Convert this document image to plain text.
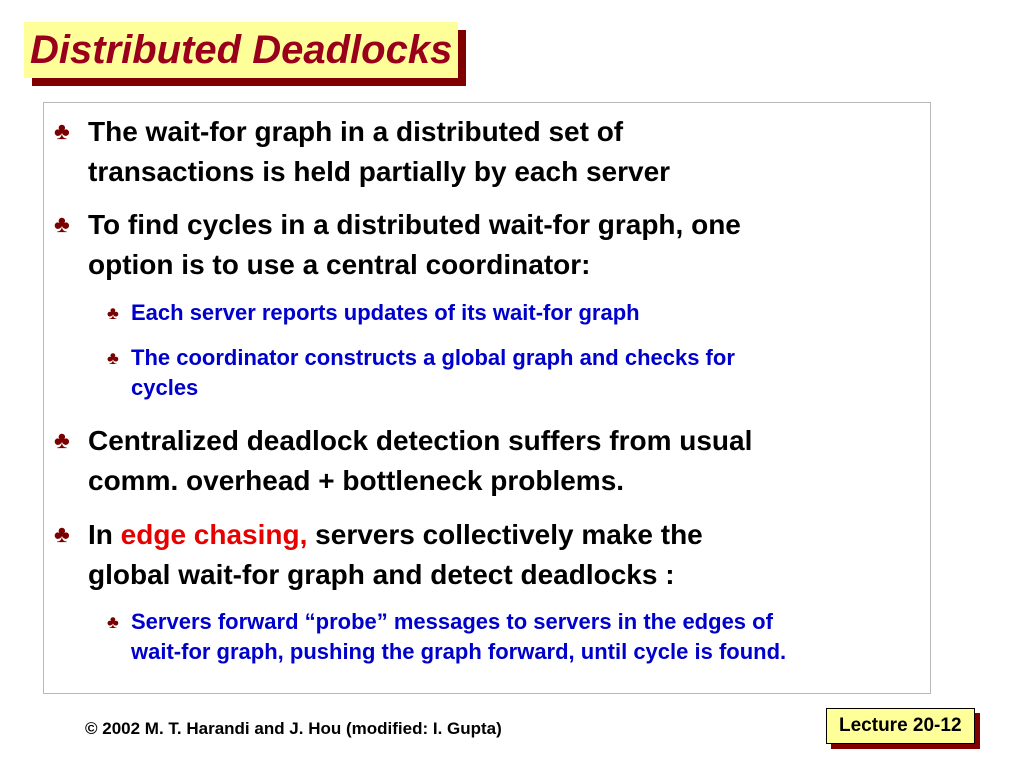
Distributed Deadlocks

♣ The wait-for graph in a distributed set of
transactions is held partially by each server

♣ To find cycles in a distributed wait-for graph, one
option is to use a central coordinator:

♣ Each server reports updates of its wait-for graph

♣ The coordinator constructs a global graph and checks for
cycles

♣ Centralized deadlock detection suffers from usual
comm. overhead + bottleneck problems.

♣ In edge chasing, servers collectively make the
global wait-for graph and detect deadlocks :

♣ Servers forward “probe” messages to servers in the edges of
wait-for graph, pushing the graph forward, until cycle is found.

© 2002 M. T. Harandi and J. Hou (modified: I. Gupta)	Lecture 20-12
